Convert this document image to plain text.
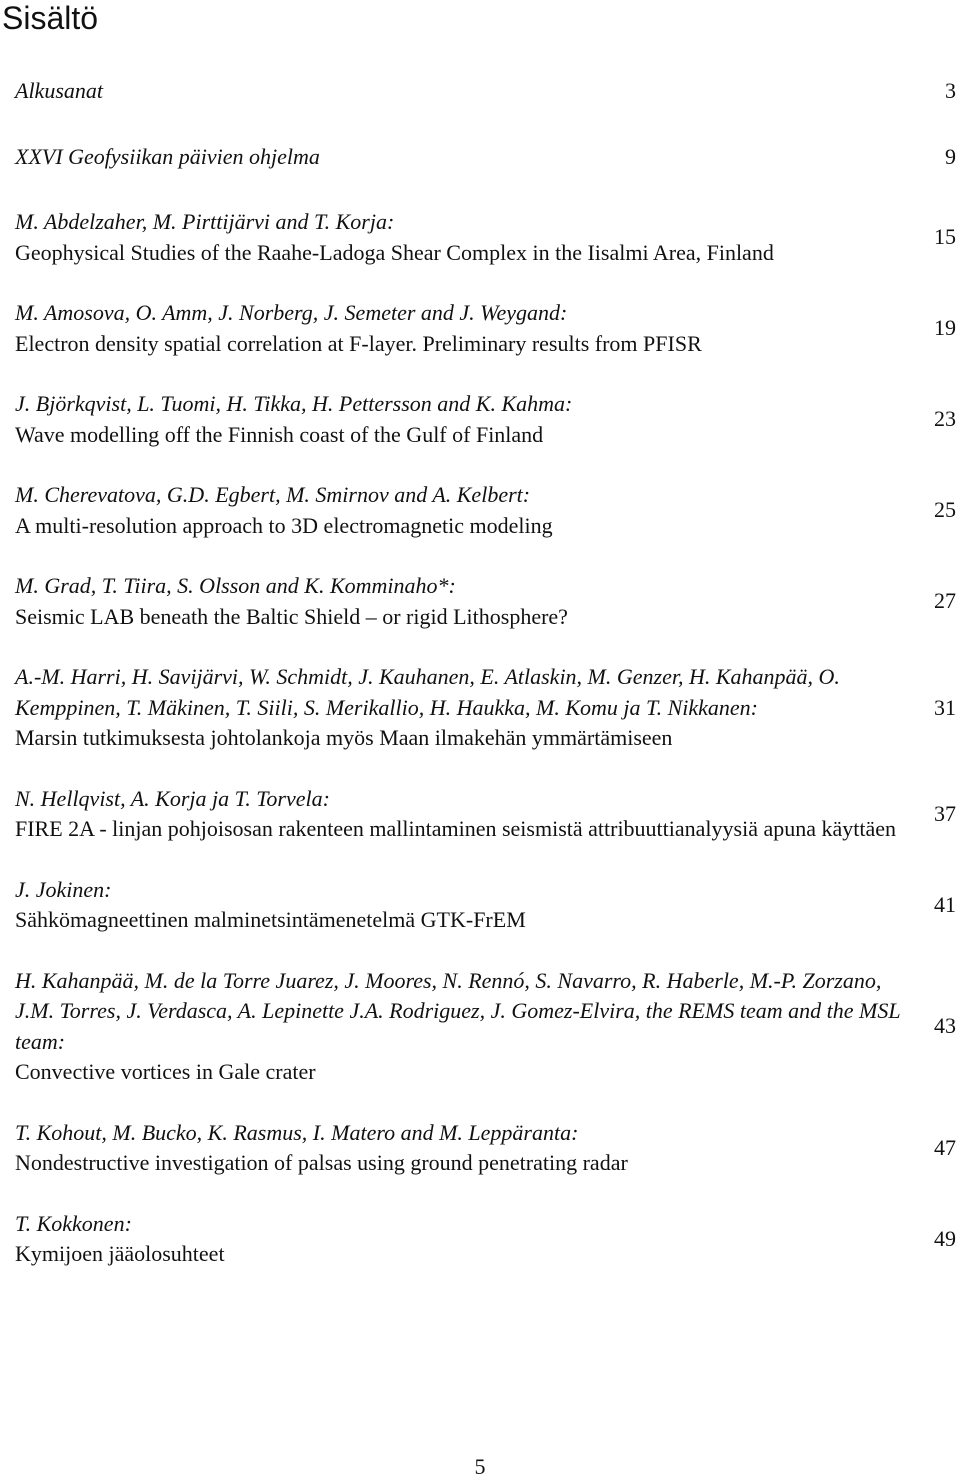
Sisältö
Alkusanat	3
XXVI Geofysiikan päivien ohjelma	9
M. Abdelzaher, M. Pirttijärvi and T. Korja:
Geophysical Studies of the Raahe-Ladoga Shear Complex in the Iisalmi Area, Finland
15
M. Amosova, O. Amm, J. Norberg, J. Semeter and J. Weygand:
Electron density spatial correlation at F-layer. Preliminary results from PFISR
19
J. Björkqvist, L. Tuomi, H. Tikka, H. Pettersson and K. Kahma:
Wave modelling off the Finnish coast of the Gulf of Finland
23
M. Cherevatova, G.D. Egbert, M. Smirnov and A. Kelbert:
A multi-resolution approach to 3D electromagnetic modeling
25
M. Grad, T. Tiira, S. Olsson and K. Komminaho*:
Seismic LAB beneath the Baltic Shield – or rigid Lithosphere?
27
A.-M. Harri, H. Savijärvi, W. Schmidt, J. Kauhanen, E. Atlaskin, M. Genzer, H. Kahanpää, O. Kemppinen, T. Mäkinen, T. Siili, S. Merikallio, H. Haukka, M. Komu ja T. Nikkanen:
Marsin tutkimuksesta johtolankoja myös Maan ilmakehän ymmärtämiseen
31
N. Hellqvist, A. Korja ja T. Torvela:
FIRE 2A - linjan pohjoisosan rakenteen mallintaminen seismistä attribuuttianalyysiä apuna käyttäen
37
J. Jokinen:
Sähkömagneettinen malminetsintämenetelmä GTK-FrEM
41
H. Kahanpää, M. de la Torre Juarez, J. Moores, N. Rennó, S. Navarro, R. Haberle, M.-P. Zorzano, J.M. Torres, J. Verdasca, A. Lepinette J.A. Rodriguez, J. Gomez-Elvira, the REMS team and the MSL team:
Convective vortices in Gale crater
43
T. Kohout, M. Bucko, K. Rasmus, I. Matero and M. Leppäranta:
Nondestructive investigation of palsas using ground penetrating radar
47
T. Kokkonen:
Kymijoen jääolosuhteet
49
5
